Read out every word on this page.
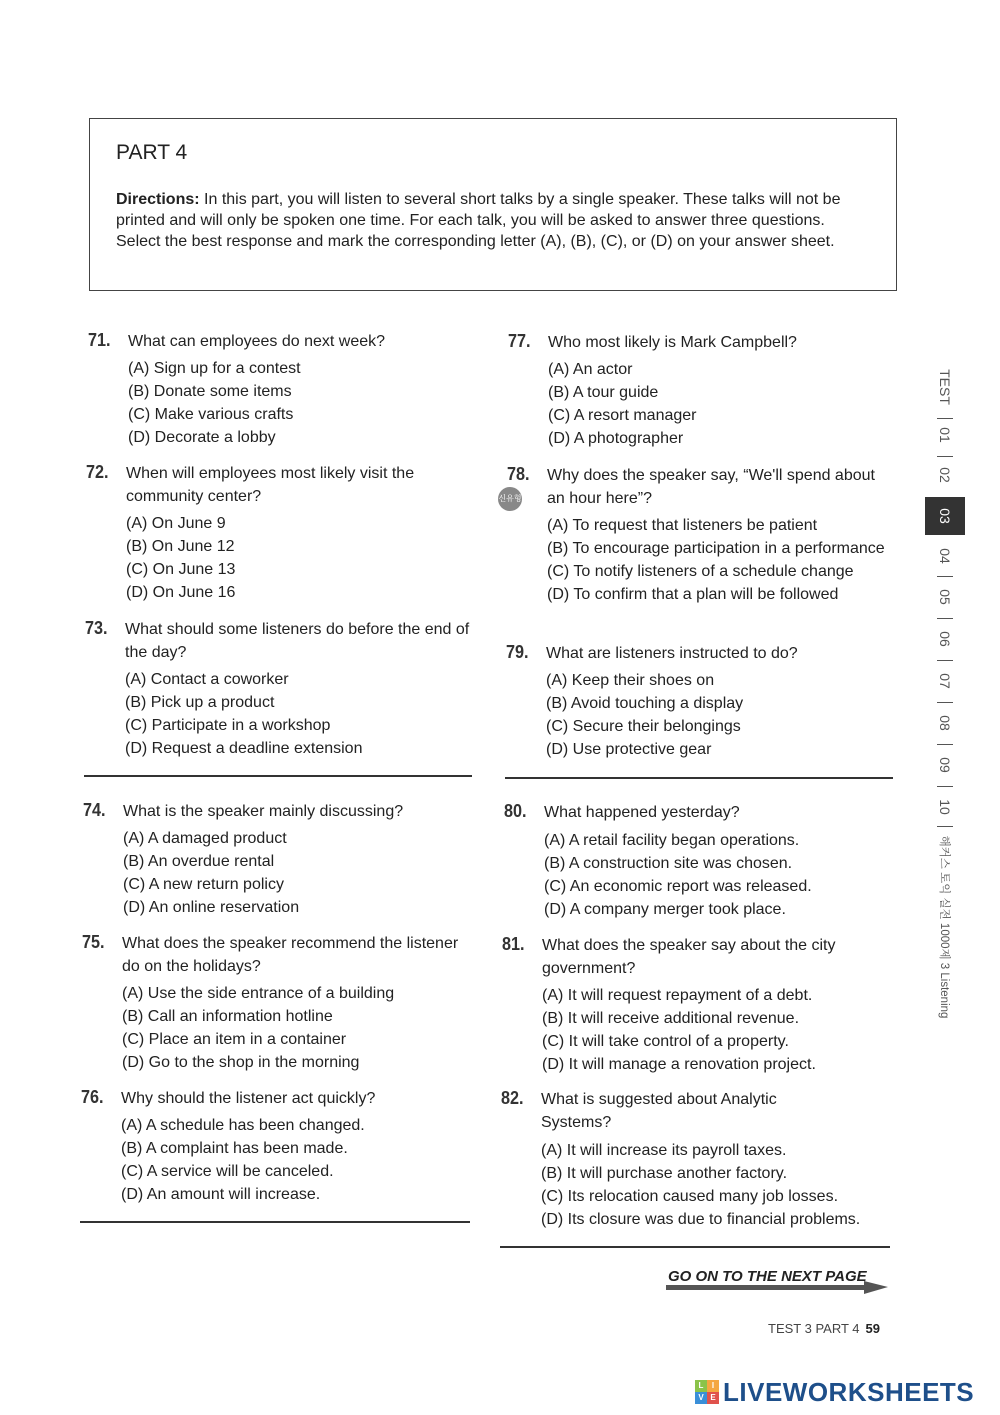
PART 4
Directions: In this part, you will listen to several short talks by a single speaker. These talks will not be printed and will only be spoken one time. For each talk, you will be asked to answer three questions. Select the best response and mark the corresponding letter (A), (B), (C), or (D) on your answer sheet.
71. What can employees do next week?
(A) Sign up for a contest
(B) Donate some items
(C) Make various crafts
(D) Decorate a lobby
72. When will employees most likely visit the community center?
(A) On June 9
(B) On June 12
(C) On June 13
(D) On June 16
73. What should some listeners do before the end of the day?
(A) Contact a coworker
(B) Pick up a product
(C) Participate in a workshop
(D) Request a deadline extension
74. What is the speaker mainly discussing?
(A) A damaged product
(B) An overdue rental
(C) A new return policy
(D) An online reservation
75. What does the speaker recommend the listener do on the holidays?
(A) Use the side entrance of a building
(B) Call an information hotline
(C) Place an item in a container
(D) Go to the shop in the morning
76. Why should the listener act quickly?
(A) A schedule has been changed.
(B) A complaint has been made.
(C) A service will be canceled.
(D) An amount will increase.
77. Who most likely is Mark Campbell?
(A) An actor
(B) A tour guide
(C) A resort manager
(D) A photographer
78. Why does the speaker say, “We'll spend about an hour here”?
(A) To request that listeners be patient
(B) To encourage participation in a performance
(C) To notify listeners of a schedule change
(D) To confirm that a plan will be followed
신유형
79. What are listeners instructed to do?
(A) Keep their shoes on
(B) Avoid touching a display
(C) Secure their belongings
(D) Use protective gear
80. What happened yesterday?
(A) A retail facility began operations.
(B) A construction site was chosen.
(C) An economic report was released.
(D) A company merger took place.
81. What does the speaker say about the city government?
(A) It will request repayment of a debt.
(B) It will receive additional revenue.
(C) It will take control of a property.
(D) It will manage a renovation project.
82. What is suggested about Analytic Systems?
(A) It will increase its payroll taxes.
(B) It will purchase another factory.
(C) Its relocation caused many job losses.
(D) Its closure was due to financial problems.
GO ON TO THE NEXT PAGE
TEST 3 PART 4 59
TEST
01
02
03
04
05
06
07
08
09
10
해커스 토익 실전 1000제 3 Listening
L	I
V E LIVEWORKSHEETS
